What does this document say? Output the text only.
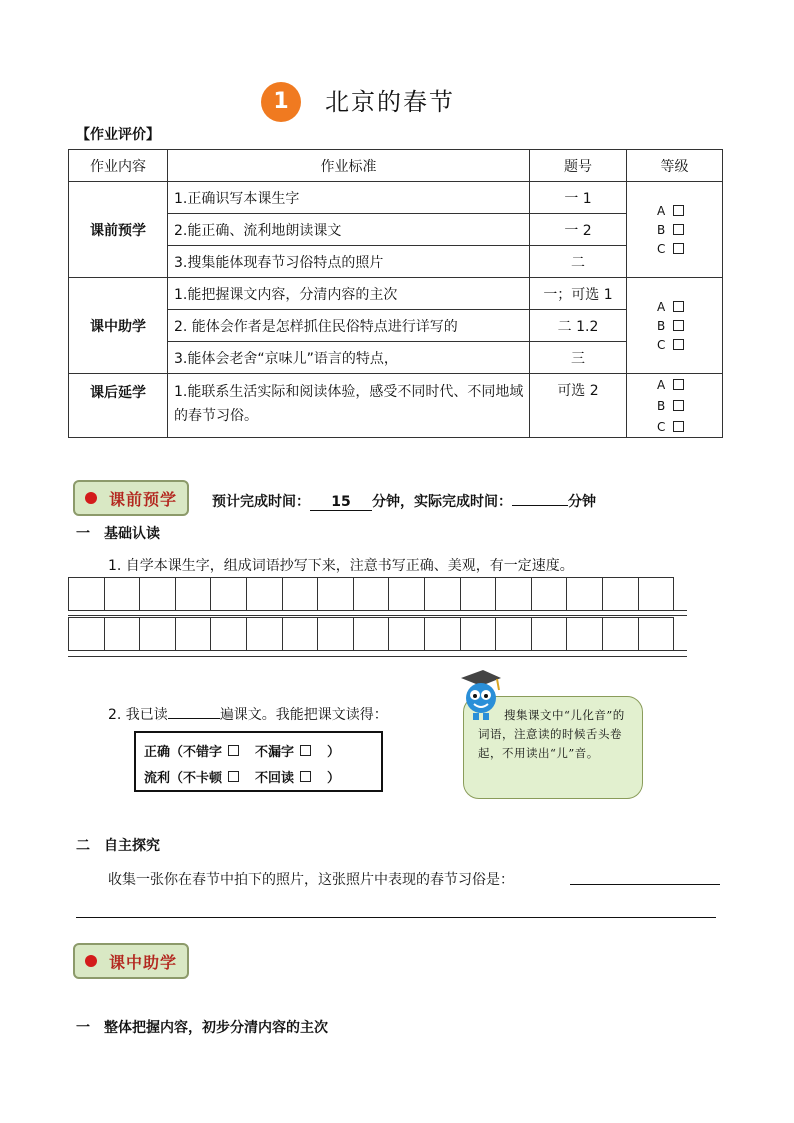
1	北京的春节
【作业评价】
作业内容	作业标准	题号	等级
课前预学	1.正确识写本课生字	一 1	A
B
C

	2.能正确、流利地朗读课文	一 2	
	3.搜集能体现春节习俗特点的照片	二	
课中助学	1.能把握课文内容，分清内容的主次	一；可选 1	A
B
C

	2. 能体会作者是怎样抓住民俗特点进行详写的	二 1.2	
	3.能体会老舍“京味儿”语言的特点，	三	
课后延学	1.能联系生活实际和阅读体验，感受不同时代、不同地域的春节习俗。	可选 2	A
B
C
课前预学 预计完成时间：	15	分钟，实际完成时间：	分钟
一　基础认读
1. 自学本课生字，组成词语抄写下来，注意书写正确、美观，有一定速度。
2. 我已读	遍课文。我能把课文读得：
正确（不错字	不漏字	）
流利（不卡顿	不回读	）
搜集课文中“儿化音”的词语，注意读的时候舌头卷起，不用读出“儿”音。
二　自主探究
收集一张你在春节中拍下的照片，这张照片中表现的春节习俗是：
课中助学
一　整体把握内容，初步分清内容的主次
